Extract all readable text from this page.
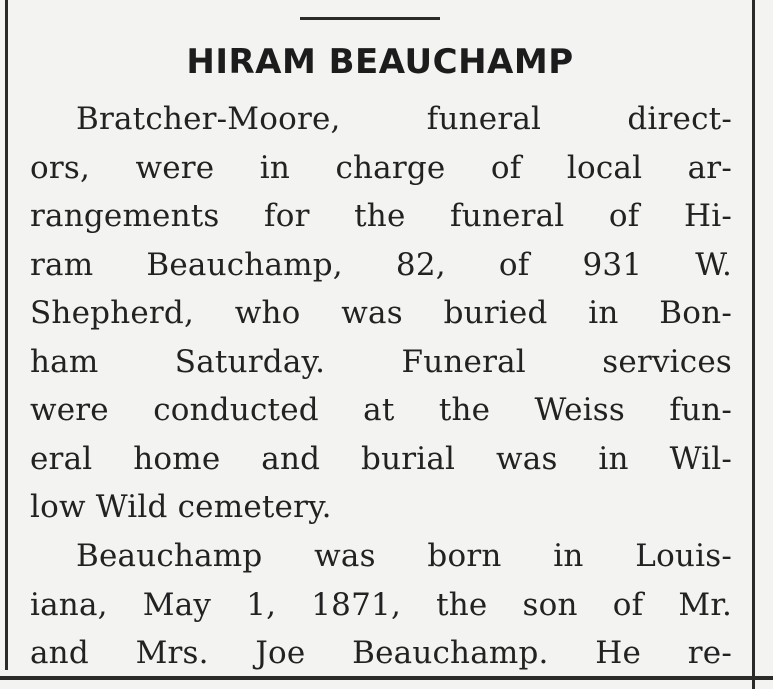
HIRAM BEAUCHAMP
Bratcher-Moore, funeral direct-
ors, were in charge of local ar-
rangements for the funeral of Hi-
ram Beauchamp, 82, of 931 W.
Shepherd, who was buried in Bon-
ham Saturday. Funeral services
were conducted at the Weiss fun-
eral home and burial was in Wil-
low Wild cemetery.
Beauchamp was born in Louis-
iana, May 1, 1871, the son of Mr.
and Mrs. Joe Beauchamp. He re-
